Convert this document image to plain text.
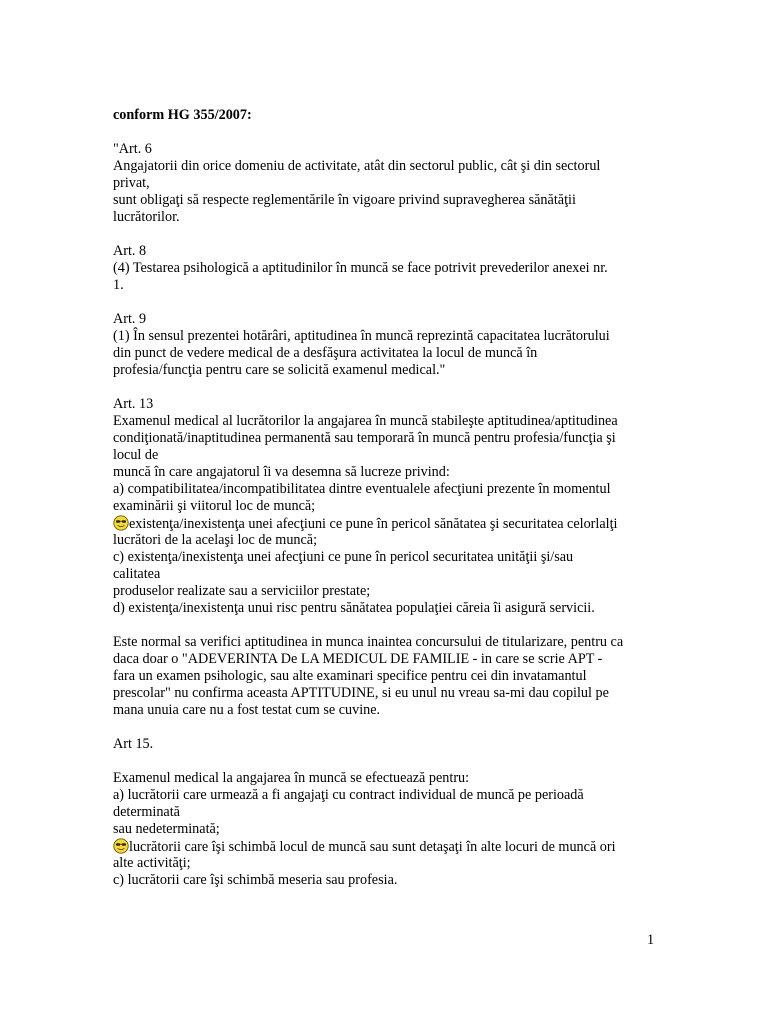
conform HG 355/2007:
"Art. 6
Angajatorii din orice domeniu de activitate, atât din sectorul public, cât şi din sectorul
privat,
sunt obligaţi să respecte reglementările în vigoare privind supravegherea sănătăţii
lucrătorilor.
Art. 8
(4) Testarea psihologică a aptitudinilor în muncă se face potrivit prevederilor anexei nr.
1.
Art. 9
(1) În sensul prezentei hotărâri, aptitudinea în muncă reprezintă capacitatea lucrătorului
din punct de vedere medical de a desfăşura activitatea la locul de muncă în
profesia/funcţia pentru care se solicită examenul medical."
Art. 13
Examenul medical al lucrătorilor la angajarea în muncă stabileşte aptitudinea/aptitudinea
condiţionată/inaptitudinea permanentă sau temporară în muncă pentru profesia/funcţia şi
locul de
muncă în care angajatorul îi va desemna să lucreze privind:
a) compatibilitatea/incompatibilitatea dintre eventualele afecţiuni prezente în momentul
examinării şi viitorul loc de muncă;
existenţa/inexistenţa unei afecţiuni ce pune în pericol sănătatea şi securitatea celorlalţi
lucrători de la acelaşi loc de muncă;
c) existenţa/inexistenţa unei afecţiuni ce pune în pericol securitatea unităţii şi/sau
calitatea
produselor realizate sau a serviciilor prestate;
d) existenţa/inexistenţa unui risc pentru sănătatea populaţiei căreia îi asigură servicii.
Este normal sa verifici aptitudinea in munca inaintea concursului de titularizare, pentru ca
daca doar o "ADEVERINTA De LA MEDICUL DE FAMILIE - in care se scrie APT -
fara un examen psihologic, sau alte examinari specifice pentru cei din invatamantul
prescolar" nu confirma aceasta APTITUDINE, si eu unul nu vreau sa-mi dau copilul pe
mana unuia care nu a fost testat cum se cuvine.
Art 15.
Examenul medical la angajarea în muncă se efectuează pentru:
a) lucrătorii care urmează a fi angajaţi cu contract individual de muncă pe perioadă
determinată
sau nedeterminată;
lucrătorii care îşi schimbă locul de muncă sau sunt detaşaţi în alte locuri de muncă ori
alte activităţi;
c) lucrătorii care îşi schimbă meseria sau profesia.
1
